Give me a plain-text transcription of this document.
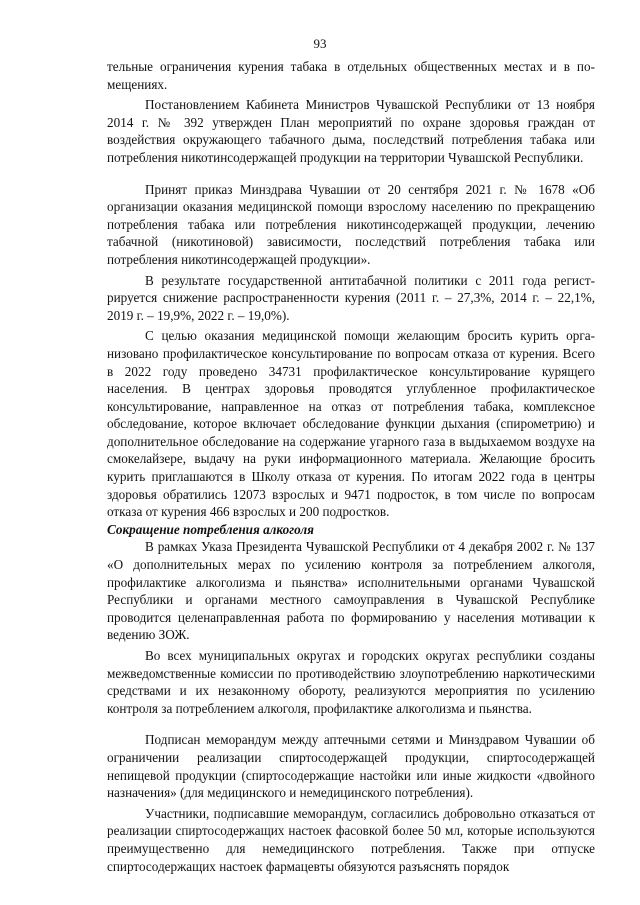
93

тельные ограничения курения табака в отдельных общественных местах и в помещениях.

Постановлением Кабинета Министров Чувашской Республики от 13 ноября 2014 г. № 392 утвержден План мероприятий по охране здоровья граждан от воздействия окружающего табачного дыма, последствий потребления табака или потребления никотинсодержащей продукции на территории Чувашской Республики.

Принят приказ Минздрава Чувашии от 20 сентября 2021 г. № 1678 «Об организации оказания медицинской помощи взрослому населению по прекращению потребления табака или потребления никотинсодержащей продукции, лечению табачной (никотиновой) зависимости, последствий потребления табака или потребления никотинсодержащей продукции».

В результате государственной антитабачной политики с 2011 года регистрируется снижение распространенности курения (2011 г. – 27,3%, 2014 г. – 22,1%, 2019 г. – 19,9%, 2022 г. – 19,0%).

С целью оказания медицинской помощи желающим бросить курить организовано профилактическое консультирование по вопросам отказа от курения. Всего в 2022 году проведено 34731 профилактическое консультирование курящего населения. В центрах здоровья проводятся углубленное профилактическое консультирование, направленное на отказ от потребления табака, комплексное обследование, которое включает обследование функции дыхания (спирометрию) и дополнительное обследование на содержание угарного газа в выдыхаемом воздухе на смокелайзере, выдачу на руки информационного материала. Желающие бросить курить приглашаются в Школу отказа от курения. По итогам 2022 года в центры здоровья обратились 12073 взрослых и 9471 подросток, в том числе по вопросам отказа от курения 466 взрослых и 200 подростков.

Сокращение потребления алкоголя

В рамках Указа Президента Чувашской Республики от 4 декабря 2002 г. № 137 «О дополнительных мерах по усилению контроля за потреблением алкоголя, профилактике алкоголизма и пьянства» исполнительными органами Чувашской Республики и органами местного самоуправления в Чувашской Республике проводится целенаправленная работа по формированию у населения мотивации к ведению ЗОЖ.

Во всех муниципальных округах и городских округах республики созданы межведомственные комиссии по противодействию злоупотреблению наркотическими средствами и их незаконному обороту, реализуются мероприятия по усилению контроля за потреблением алкоголя, профилактике алкоголизма и пьянства.

Подписан меморандум между аптечными сетями и Минздравом Чувашии об ограничении реализации спиртосодержащей продукции, спиртосодержащей непищевой продукции (спиртосодержащие настойки или иные жидкости «двойного назначения» (для медицинского и немедицинского потребления).

Участники, подписавшие меморандум, согласились добровольно отказаться от реализации спиртосодержащих настоек фасовкой более 50 мл, которые используются преимущественно для немедицинского потребления. Также при отпуске спиртосодержащих настоек фармацевты обязуются разъяснять порядок
